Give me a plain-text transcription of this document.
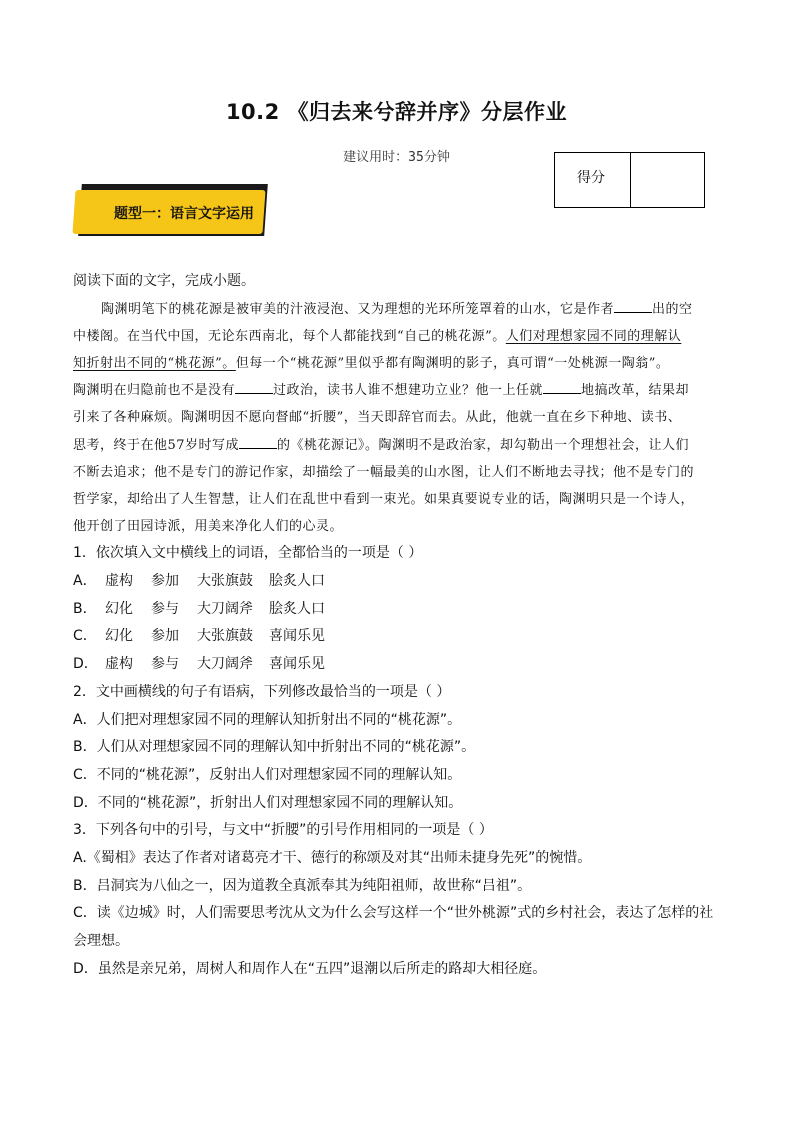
10.2 《归去来兮辞并序》分层作业
建议用时：35分钟
得分
题型一：语言文字运用
阅读下面的文字，完成小题。
陶渊明笔下的桃花源是被审美的汁液浸泡、又为理想的光环所笼罩着的山水，它是作者	出的空
中楼阁。在当代中国，无论东西南北，每个人都能找到“自己的桃花源”。人们对理想家园不同的理解认
知折射出不同的“桃花源”。但每一个“桃花源”里似乎都有陶渊明的影子，真可谓“一处桃源一陶翁”。
陶渊明在归隐前也不是没有	过政治，读书人谁不想建功立业？他一上任就	地搞改革，结果却
引来了各种麻烦。陶渊明因不愿向督邮“折腰”，当天即辞官而去。从此，他就一直在乡下种地、读书、
思考，终于在他57岁时写成	的《桃花源记》。陶渊明不是政治家，却勾勒出一个理想社会，让人们
不断去追求；他不是专门的游记作家，却描绘了一幅最美的山水图，让人们不断地去寻找；他不是专门的
哲学家，却给出了人生智慧，让人们在乱世中看到一束光。如果真要说专业的话，陶渊明只是一个诗人，
他开创了田园诗派，用美来净化人们的心灵。
1．依次填入文中横线上的词语，全都恰当的一项是（ ）
A． 虚构 参加 大张旗鼓 脍炙人口
B． 幻化 参与 大刀阔斧 脍炙人口
C． 幻化 参加 大张旗鼓 喜闻乐见
D． 虚构 参与 大刀阔斧 喜闻乐见
2．文中画横线的句子有语病，下列修改最恰当的一项是（ ）
A．人们把对理想家园不同的理解认知折射出不同的“桃花源”。
B．人们从对理想家园不同的理解认知中折射出不同的“桃花源”。
C．不同的“桃花源”，反射出人们对理想家园不同的理解认知。
D．不同的“桃花源”，折射出人们对理想家园不同的理解认知。
3．下列各句中的引号，与文中“折腰”的引号作用相同的一项是（ ）
A.《蜀相》表达了作者对诸葛亮才干、德行的称颂及对其“出师未捷身先死”的惋惜。
B．吕洞宾为八仙之一，因为道教全真派奉其为纯阳祖师，故世称“吕祖”。
C．读《边城》时，人们需要思考沈从文为什么会写这样一个“世外桃源”式的乡村社会，表达了怎样的社会理想。
D．虽然是亲兄弟，周树人和周作人在“五四”退潮以后所走的路却大相径庭。
